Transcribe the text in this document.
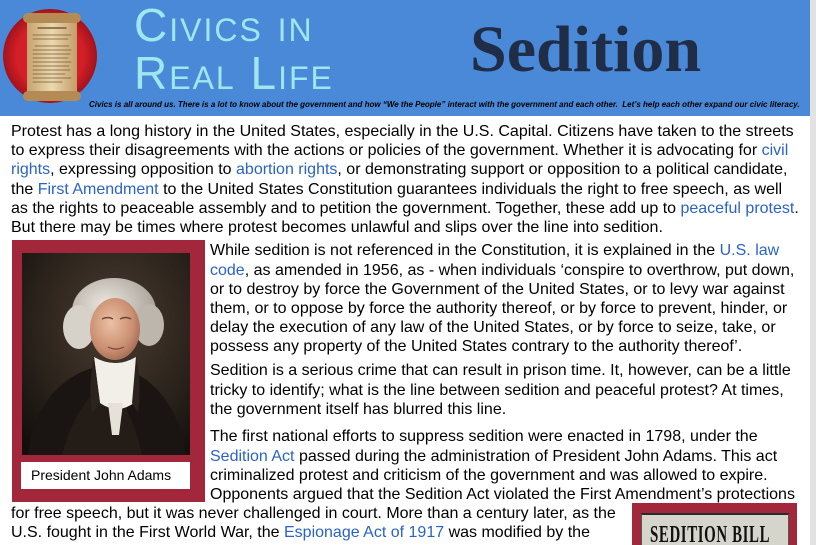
Civics in
Real Life Sedition
Civics is all around us. There is a lot to know about the government and how “We the People” interact with the government and each other.  Let’s help each other expand our civic literacy.
Protest has a long history in the United States, especially in the U.S. Capital. Citizens have taken to the streets
to express their disagreements with the actions or policies of the government. Whether it is advocating for civil
rights, expressing opposition to abortion rights, or demonstrating support or opposition to a political candidate,
the First Amendment to the United States Constitution guarantees individuals the right to free speech, as well
as the rights to peaceable assembly and to petition the government. Together, these add up to peaceful protest.
But there may be times where protest becomes unlawful and slips over the line into sedition.
President John Adams
While sedition is not referenced in the Constitution, it is explained in the U.S. law
code, as amended in 1956, as - when individuals ‘conspire to overthrow, put down,
or to destroy by force the Government of the United States, or to levy war against
them, or to oppose by force the authority thereof, or by force to prevent, hinder, or
delay the execution of any law of the United States, or by force to seize, take, or
possess any property of the United States contrary to the authority thereof’.
Sedition is a serious crime that can result in prison time. It, however, can be a little
tricky to identify; what is the line between sedition and peaceful protest? At times,
the government itself has blurred this line.
The first national efforts to suppress sedition were enacted in 1798, under the
Sedition Act passed during the administration of President John Adams. This act
criminalized protest and criticism of the government and was allowed to expire.
Opponents argued that the Sedition Act violated the First Amendment’s protections
for free speech, but it was never challenged in court. More than a century later, as the
U.S. fought in the First World War, the Espionage Act of 1917 was modified by the	SEDITION BILL
